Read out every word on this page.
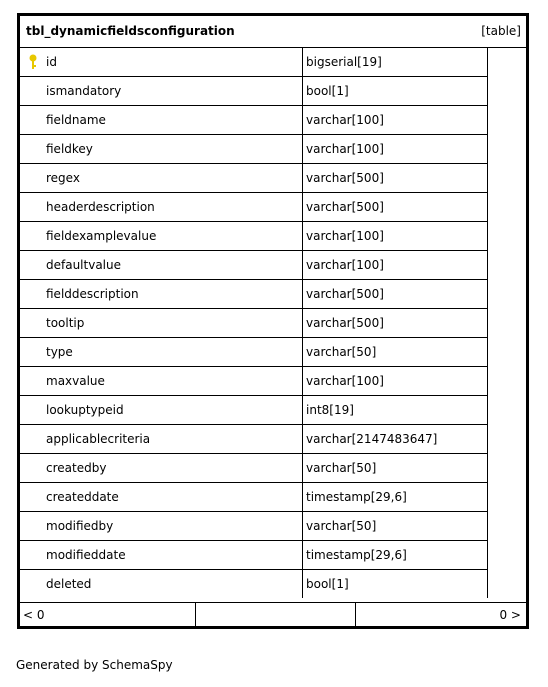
tbl_dynamicfieldsconfiguration	[table]
id	bigserial[19]
ismandatory	bool[1]
fieldname	varchar[100]
fieldkey	varchar[100]
regex	varchar[500]
headerdescription	varchar[500]
fieldexamplevalue	varchar[100]
defaultvalue	varchar[100]
fielddescription	varchar[500]
tooltip	varchar[500]
type	varchar[50]
maxvalue	varchar[100]
lookuptypeid	int8[19]
applicablecriteria	varchar[2147483647]
createdby	varchar[50]
createddate	timestamp[29,6]
modifiedby	varchar[50]
modifieddate	timestamp[29,6]
deleted	bool[1]
< 0	0 >
Generated by SchemaSpy
